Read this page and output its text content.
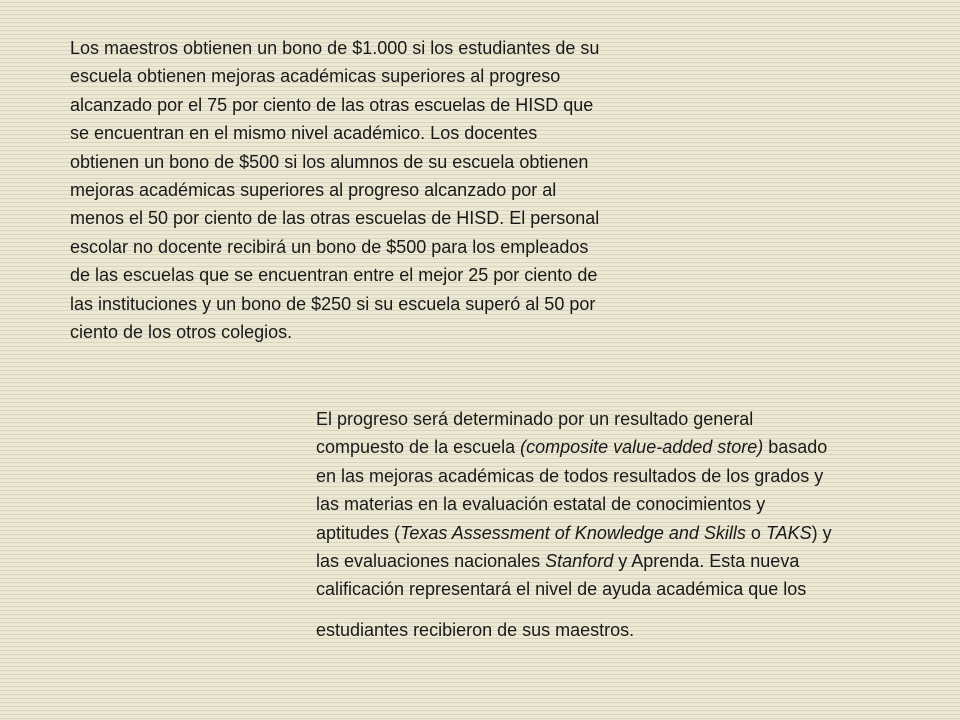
Los maestros obtienen un bono de $1.000 si los estudiantes de su
escuela obtienen mejoras académicas superiores al progreso
alcanzado por el 75 por ciento de las otras escuelas de HISD que
se encuentran en el mismo nivel académico. Los docentes
obtienen un bono de $500 si los alumnos de su escuela obtienen
mejoras académicas superiores al progreso alcanzado por al
menos el 50 por ciento de las otras escuelas de HISD. El personal
escolar no docente recibirá un bono de $500 para los empleados
de las escuelas que se encuentran entre el mejor 25 por ciento de
las instituciones y un bono de $250 si su escuela superó al 50 por
ciento de los otros colegios.
El progreso será determinado por un resultado general
compuesto de la escuela (composite value-added store) basado
en las mejoras académicas de todos resultados de los grados y
las materias en la evaluación estatal de conocimientos y
aptitudes (Texas Assessment of Knowledge and Skills o TAKS) y
las evaluaciones nacionales Stanford y Aprenda. Esta nueva
calificación representará el nivel de ayuda académica que los
estudiantes recibieron de sus maestros.
